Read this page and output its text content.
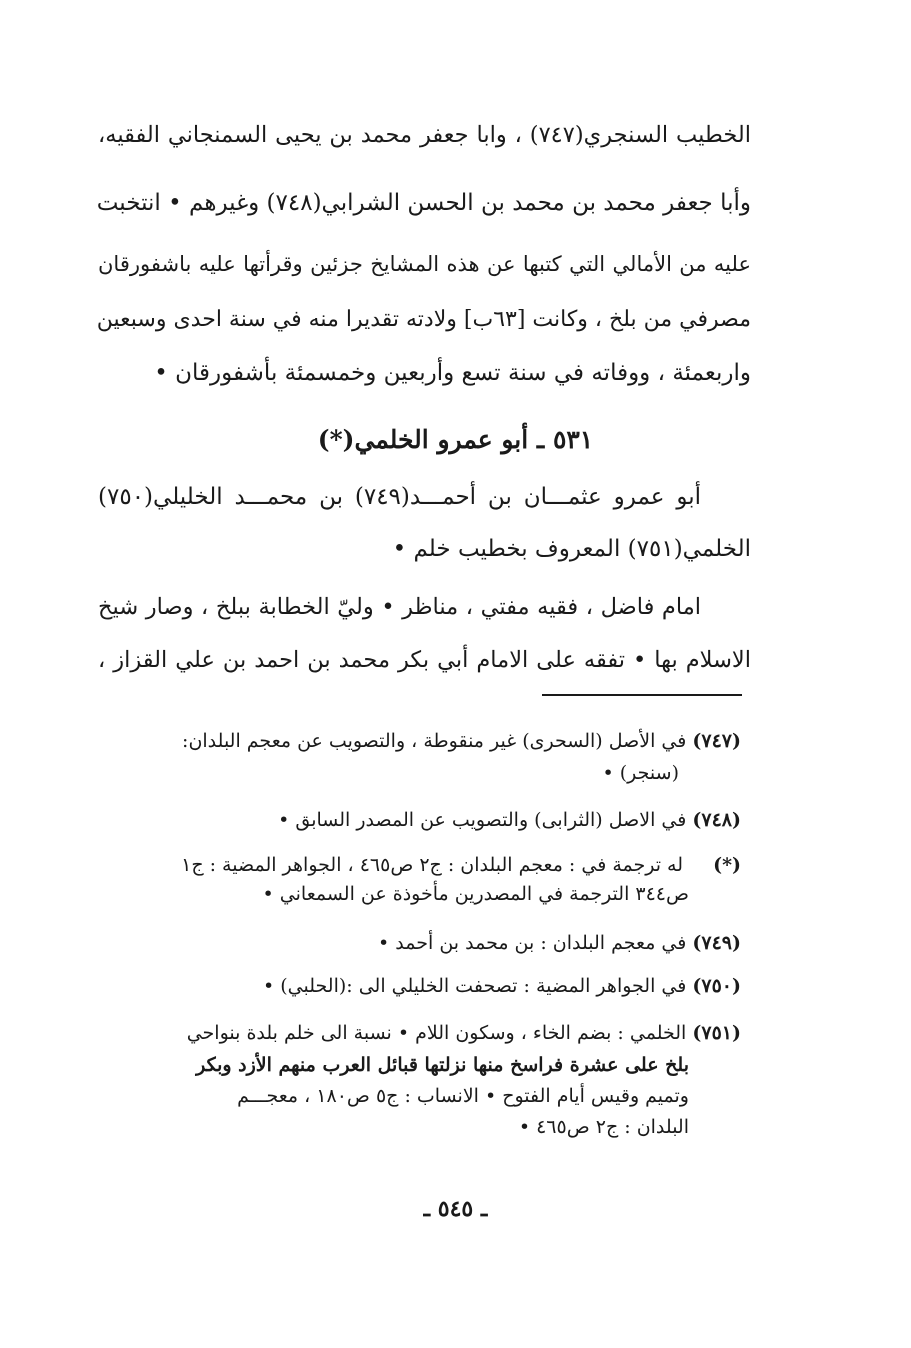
الخطيب السنجري(٧٤٧) ، وابا جعفر محمد بن يحيى السمنجاني الفقيه،
وأبا جعفر محمد بن محمد بن الحسن الشرابي(٧٤٨) وغيرهم • انتخبت
عليه من الأمالي التي كتبها عن هذه المشايخ جزئين وقرأتها عليه باشفورقان
مصرفي من بلخ ، وكانت [٦٣ب] ولادته تقديرا منه في سنة احدى وسبعين
واربعمئة ، ووفاته في سنة تسع وأربعين وخمسمئة بأشفورقان •
٥٣١ ـ أبو عمرو الخلمي(*)
أبو عمرو عثمـــان بن أحمـــد(٧٤٩) بن محمـــد الخليلي(٧٥٠)
الخلمي(٧٥١) المعروف بخطيب خلم •
امام فاضل ، فقيه مفتي ، مناظر • وليّ الخطابة ببلخ ، وصار شيخ
الاسلام بها • تفقه على الامام أبي بكر محمد بن احمد بن علي القزاز ،
(٧٤٧) في الأصل (السحرى) غير منقوطة ، والتصويب عن معجم البلدان:
(سنجر) •
(٧٤٨) في الاصل (الثرابى) والتصويب عن المصدر السابق •
(*) له ترجمة في : معجم البلدان : ج٢ ص٤٦٥ ، الجواهر المضية : ج١
ص٣٤٤ الترجمة في المصدرين مأخوذة عن السمعاني •
(٧٤٩) في معجم البلدان : بن محمد بن أحمد •
(٧٥٠) في الجواهر المضية : تصحفت الخليلي الى :(الحلبي) •
(٧٥١) الخلمي : بضم الخاء ، وسكون اللام • نسبة الى خلم بلدة بنواحي
بلخ على عشرة فراسخ منها نزلتها قبائل العرب منهم الأزد وبكر
وتميم وقيس أيام الفتوح • الانساب : ج٥ ص١٨٠ ، معجـــم
البلدان : ج٢ ص٤٦٥ •
ـ ٥٤٥ ـ
